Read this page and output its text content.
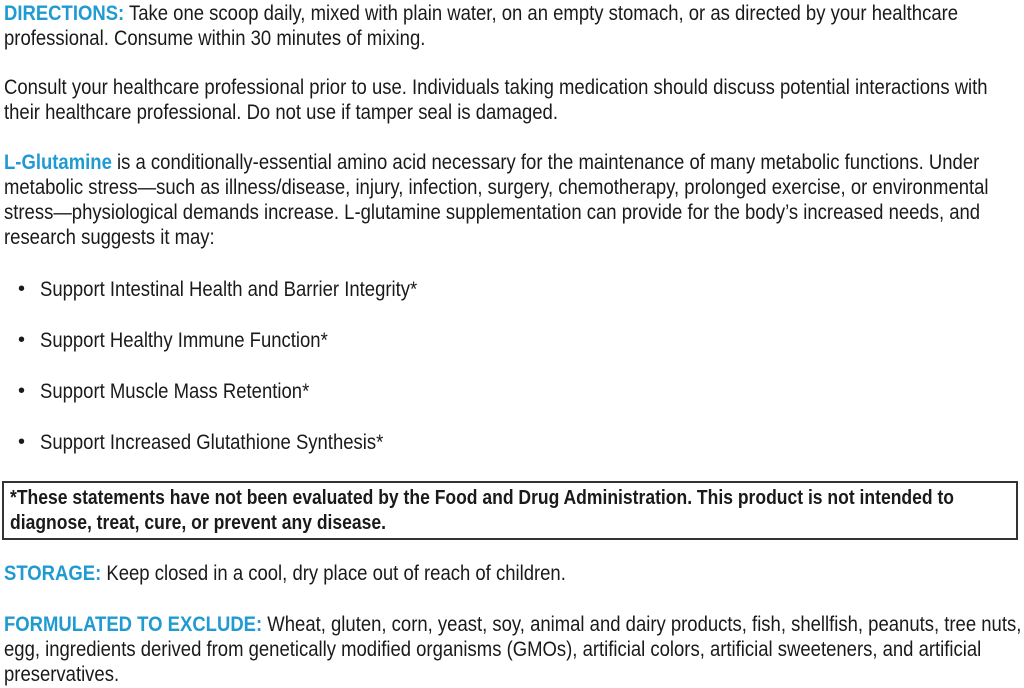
DIRECTIONS: Take one scoop daily, mixed with plain water, on an empty stomach, or as directed by your healthcare
professional. Consume within 30 minutes of mixing.
Consult your healthcare professional prior to use. Individuals taking medication should discuss potential interactions with
their healthcare professional. Do not use if tamper seal is damaged.
L-Glutamine is a conditionally-essential amino acid necessary for the maintenance of many metabolic functions. Under
metabolic stress—such as illness/disease, injury, infection, surgery, chemotherapy, prolonged exercise, or environmental
stress—physiological demands increase. L-glutamine supplementation can provide for the body’s increased needs, and
research suggests it may:
• Support Intestinal Health and Barrier Integrity*
• Support Healthy Immune Function*
• Support Muscle Mass Retention*
• Support Increased Glutathione Synthesis*
*These statements have not been evaluated by the Food and Drug Administration. This product is not intended to
diagnose, treat, cure, or prevent any disease.
STORAGE: Keep closed in a cool, dry place out of reach of children.
FORMULATED TO EXCLUDE: Wheat, gluten, corn, yeast, soy, animal and dairy products, fish, shellfish, peanuts, tree nuts,
egg, ingredients derived from genetically modified organisms (GMOs), artificial colors, artificial sweeteners, and artificial
preservatives.
